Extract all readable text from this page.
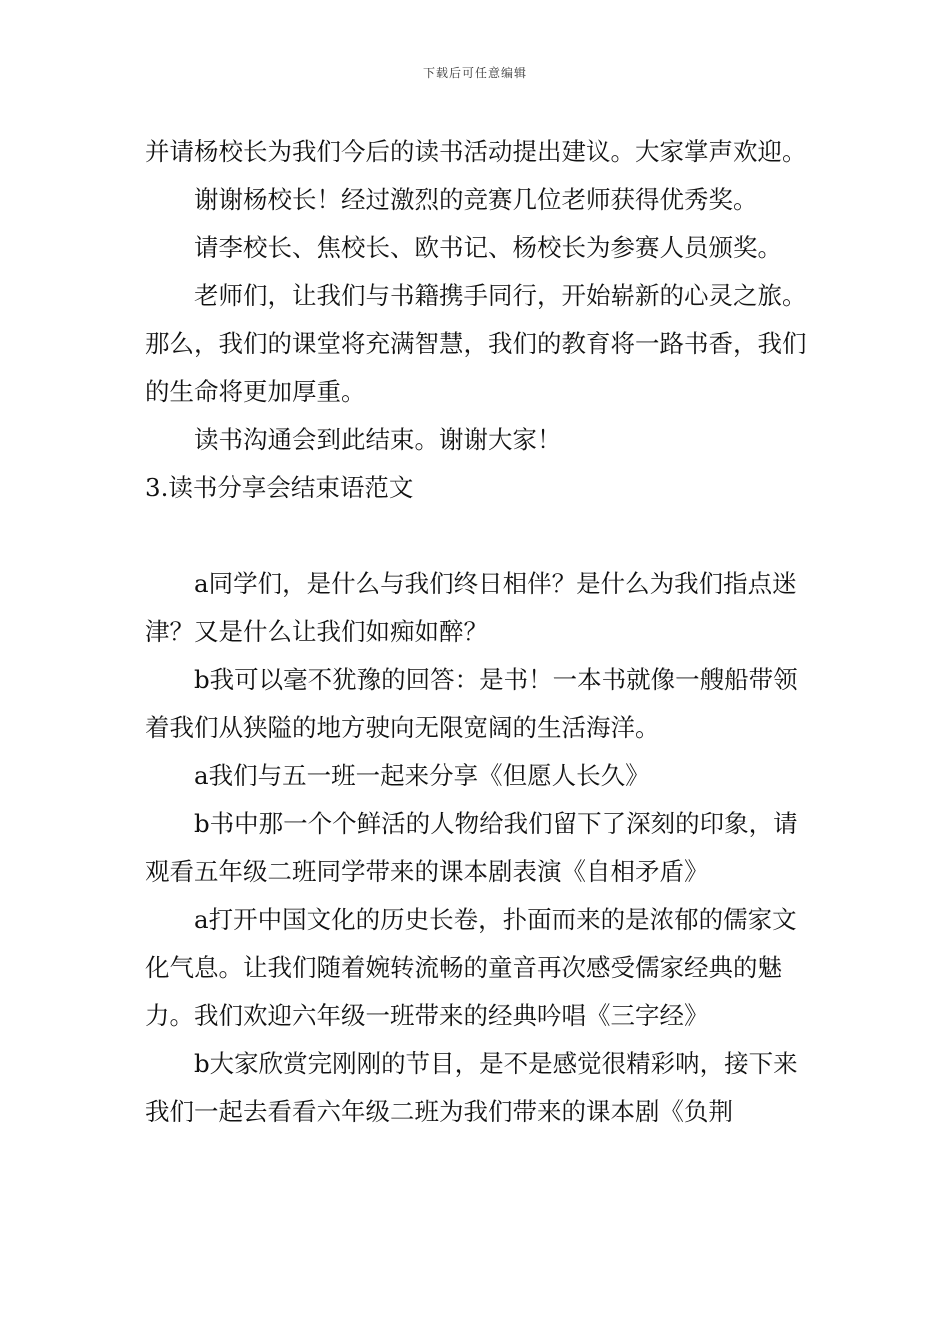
下载后可任意编辑

并请杨校长为我们今后的读书活动提出建议。大家掌声欢迎。

谢谢杨校长！经过激烈的竞赛几位老师获得优秀奖。

请李校长、焦校长、欧书记、杨校长为参赛人员颁奖。

老师们，让我们与书籍携手同行，开始崭新的心灵之旅。那么，我们的课堂将充满智慧，我们的教育将一路书香，我们的生命将更加厚重。

读书沟通会到此结束。谢谢大家！

3.读书分享会结束语范文

a同学们，是什么与我们终日相伴？是什么为我们指点迷津？又是什么让我们如痴如醉？

b我可以毫不犹豫的回答：是书！一本书就像一艘船带领着我们从狭隘的地方驶向无限宽阔的生活海洋。

a我们与五一班一起来分享《但愿人长久》

b书中那一个个鲜活的人物给我们留下了深刻的印象，请观看五年级二班同学带来的课本剧表演《自相矛盾》

a打开中国文化的历史长卷，扑面而来的是浓郁的儒家文化气息。让我们随着婉转流畅的童音再次感受儒家经典的魅力。我们欢迎六年级一班带来的经典吟唱《三字经》

b大家欣赏完刚刚的节目，是不是感觉很精彩呐，接下来我们一起去看看六年级二班为我们带来的课本剧《负荆
